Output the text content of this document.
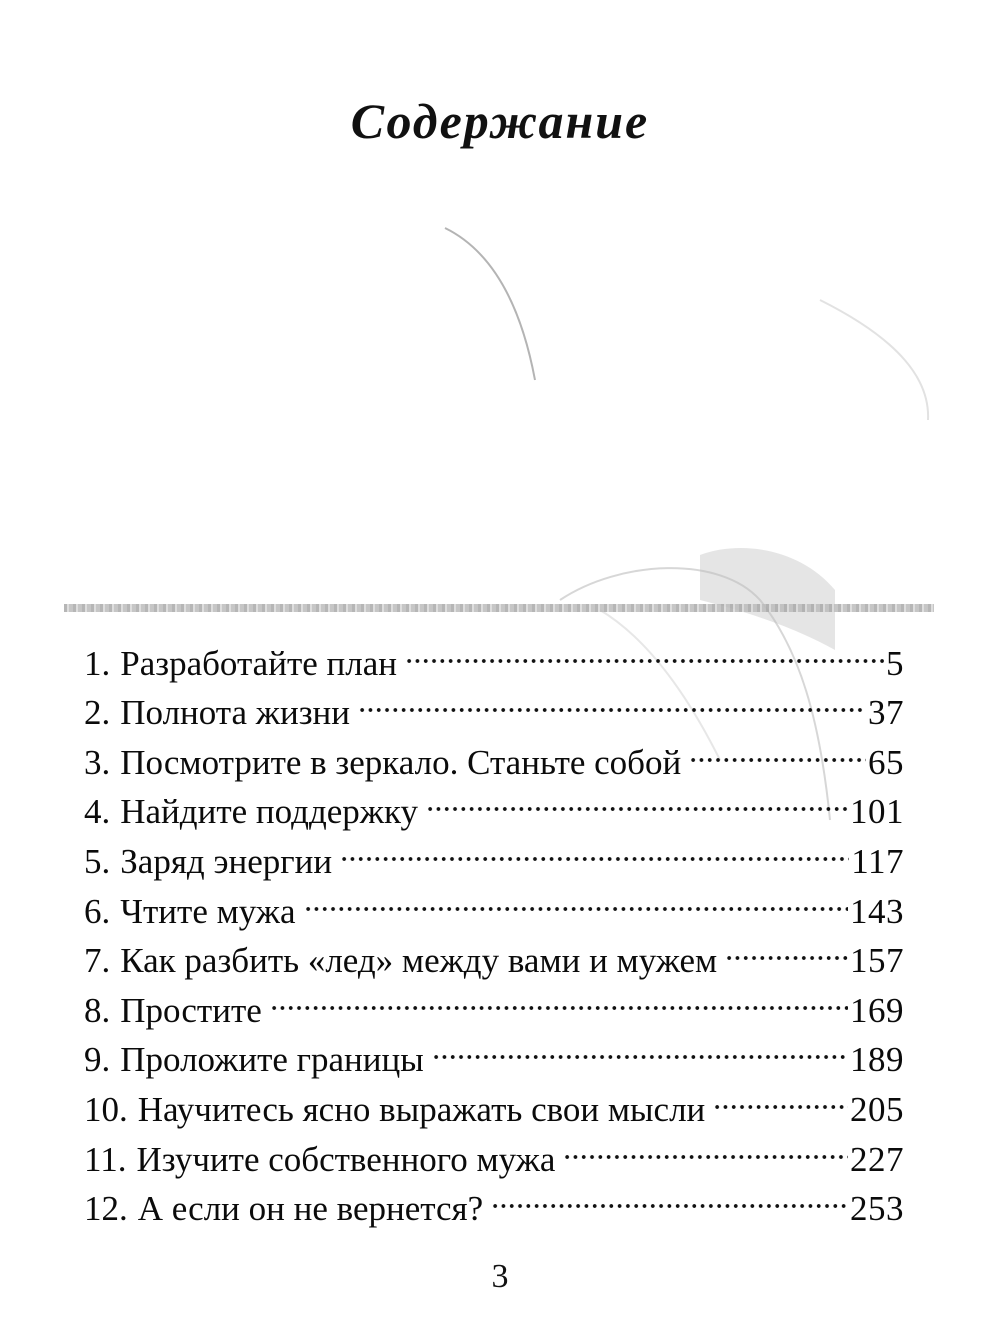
Содержание
1. Разработайте план	5
2. Полнота жизни	37
3. Посмотрите в зеркало. Станьте собой	65
4. Найдите поддержку	101
5. Заряд энергии	117
6. Чтите мужа	143
7. Как разбить «лед» между вами и мужем	157
8. Простите	169
9. Проложите границы	189
10. Научитесь ясно выражать свои мысли	205
11. Изучите собственного мужа	227
12. А если он не вернется?	253
3
